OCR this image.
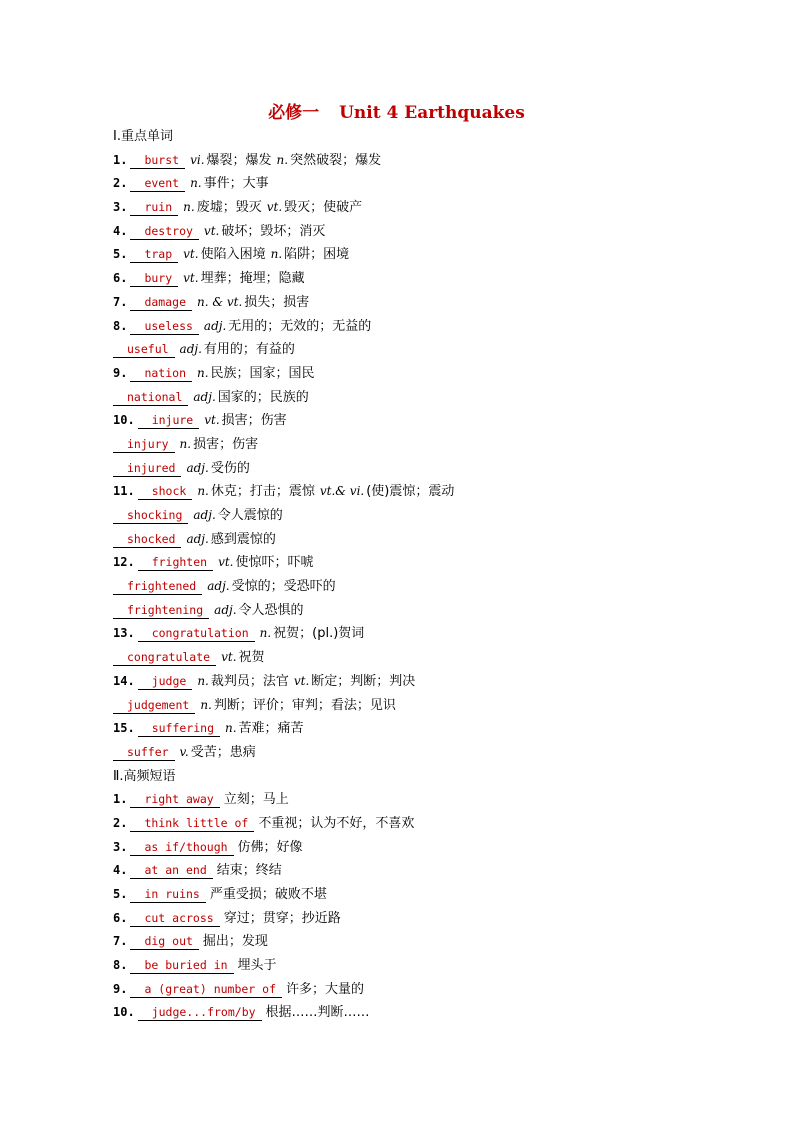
必修一 Unit 4 Earthquakes
Ⅰ.重点单词
1. burst vi. 爆裂；爆发 n. 突然破裂；爆发
2. event n. 事件；大事
3. ruin n. 废墟；毁灭 vt. 毁灭；使破产
4. destroy vt. 破坏；毁坏；消灭
5. trap vt. 使陷入困境 n. 陷阱；困境
6. bury vt. 埋葬；掩埋；隐藏
7. damage n. & vt. 损失；损害
8. useless adj. 无用的；无效的；无益的
useful adj. 有用的；有益的
9. nation n. 民族；国家；国民
national adj. 国家的；民族的
10. injure vt. 损害；伤害
injury n. 损害；伤害
injured adj. 受伤的
11. shock n. 休克；打击；震惊 vt.& vi. (使)震惊；震动
shocking adj. 令人震惊的
shocked adj. 感到震惊的
12. frighten vt. 使惊吓；吓唬
frightened adj. 受惊的；受恐吓的
frightening adj. 令人恐惧的
13. congratulation n. 祝贺；(pl.)贺词
congratulate vt. 祝贺
14. judge n. 裁判员；法官 vt. 断定；判断；判决
judgement n. 判断；评价；审判；看法；见识
15. suffering n. 苦难；痛苦
suffer v. 受苦；患病
Ⅱ.高频短语
1. right away 立刻；马上
2. think little of 不重视；认为不好，不喜欢
3. as if/though 仿佛；好像
4. at an end 结束；终结
5. in ruins 严重受损；破败不堪
6. cut across 穿过；贯穿；抄近路
7. dig out 掘出；发现
8. be buried in 埋头于
9. a (great) number of 许多；大量的
10. judge...from/by 根据……判断……
